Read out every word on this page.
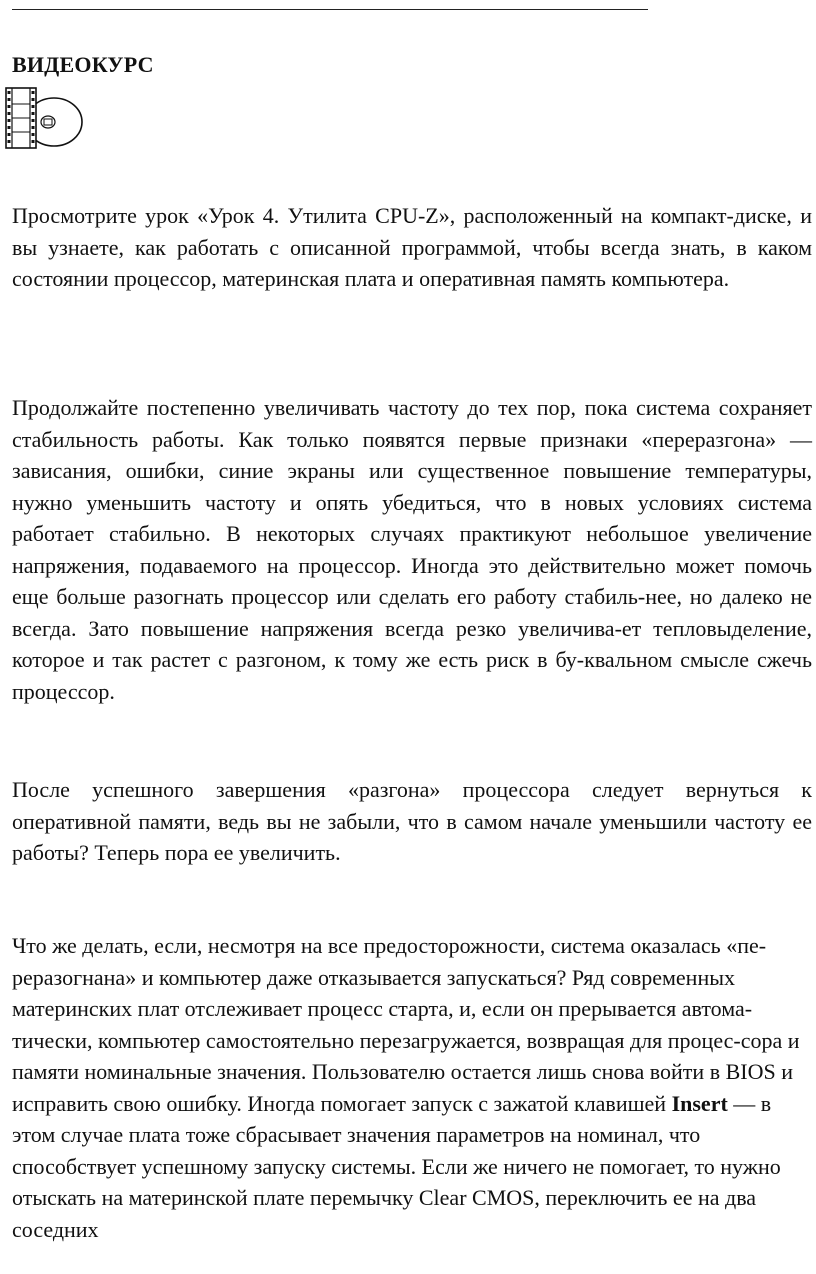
ВИДЕОКУРС

Просмотрите урок «Урок 4. Утилита CPU-Z», расположенный на компакт-диске, и вы узнаете, как работать с описанной программой, чтобы всегда знать, в каком состоянии процессор, материнская плата и оперативная память компьютера.

Продолжайте постепенно увеличивать частоту до тех пор, пока система сохраняет стабильность работы. Как только появятся первые признаки «переразгона» — зависания, ошибки, синие экраны или существенное повышение температуры, нужно уменьшить частоту и опять убедиться, что в новых условиях система работает стабильно. В некоторых случаях практикуют небольшое увеличение напряжения, подаваемого на процессор. Иногда это действительно может помочь еще больше разогнать процессор или сделать его работу стабиль-нее, но далеко не всегда. Зато повышение напряжения всегда резко увеличива-ет тепловыделение, которое и так растет с разгоном, к тому же есть риск в бу-квальном смысле сжечь процессор.

После успешного завершения «разгона» процессора следует вернуться к оперативной памяти, ведь вы не забыли, что в самом начале уменьшили частоту ее работы? Теперь пора ее увеличить.

Что же делать, если, несмотря на все предосторожности, система оказалась «пе-реразогнана» и компьютер даже отказывается запускаться? Ряд современных материнских плат отслеживает процесс старта, и, если он прерывается автома-тически, компьютер самостоятельно перезагружается, возвращая для процес-сора и памяти номинальные значения. Пользователю остается лишь снова войти в BIOS и исправить свою ошибку. Иногда помогает запуск с зажатой клавишей Insert — в этом случае плата тоже сбрасывает значения параметров на номинал, что способствует успешному запуску системы. Если же ничего не помогает, то нужно отыскать на материнской плате перемычку Clear CMOS, переключить ее на два соседних
